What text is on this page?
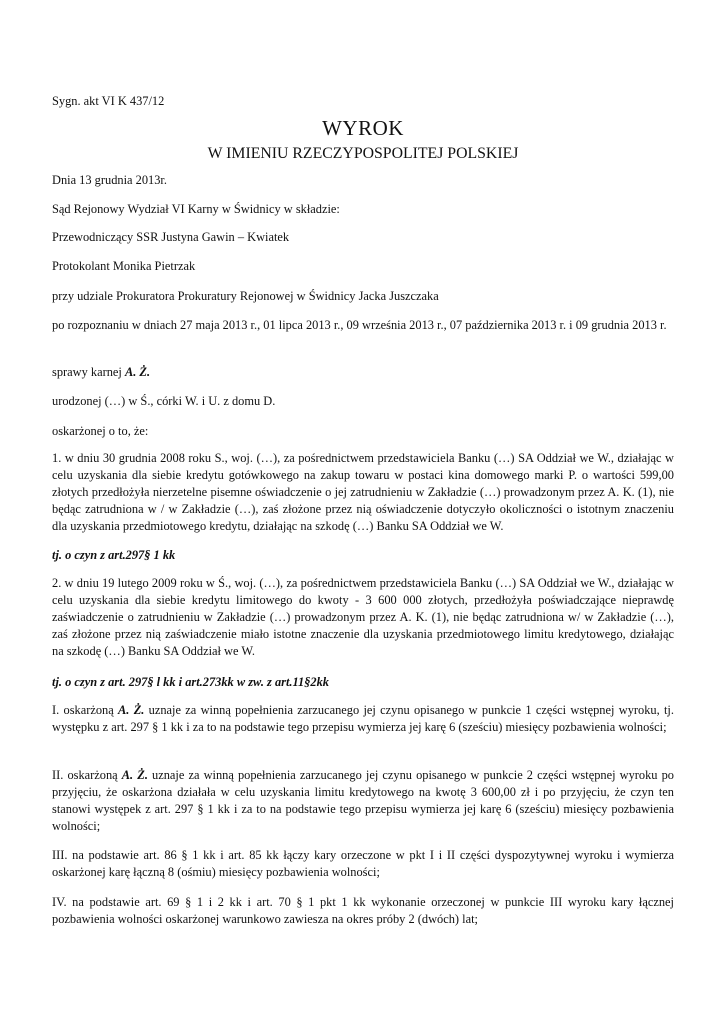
Sygn. akt VI K 437/12

WYROK
W IMIENIU RZECZYPOSPOLITEJ POLSKIEJ

Dnia 13 grudnia 2013r.

Sąd Rejonowy Wydział VI Karny w Świdnicy w składzie:

Przewodniczący SSR Justyna Gawin – Kwiatek

Protokolant Monika Pietrzak

przy udziale Prokuratora Prokuratury Rejonowej w Świdnicy Jacka Juszczaka

po rozpoznaniu w dniach 27 maja 2013 r., 01 lipca 2013 r., 09 września 2013 r., 07 października 2013 r. i 09 grudnia 2013 r.

sprawy karnej A. Ż.

urodzonej (…) w Ś., córki W. i U. z domu D.

oskarżonej o to, że:

1. w dniu 30 grudnia 2008 roku S., woj. (…), za pośrednictwem przedstawiciela Banku (…) SA Oddział we W., działając w celu uzyskania dla siebie kredytu gotówkowego na zakup towaru w postaci kina domowego marki P. o wartości 599,00 złotych przedłożyła nierzetelne pisemne oświadczenie o jej zatrudnieniu w Zakładzie (…) prowadzonym przez A. K. (1), nie będąc zatrudniona w / w Zakładzie (…), zaś złożone przez nią oświadczenie dotyczyło okoliczności o istotnym znaczeniu dla uzyskania przedmiotowego kredytu, działając na szkodę (…) Banku SA Oddział we W.

tj. o czyn z art.297§ 1 kk

2. w dniu 19 lutego 2009 roku w Ś., woj. (…), za pośrednictwem przedstawiciela Banku (…) SA Oddział we W., działając w celu uzyskania dla siebie kredytu limitowego do kwoty - 3 600 000 złotych, przedłożyła poświadczające nieprawdę zaświadczenie o zatrudnieniu w Zakładzie (…) prowadzonym przez A. K. (1), nie będąc zatrudniona w/ w Zakładzie (…), zaś złożone przez nią zaświadczenie miało istotne znaczenie dla uzyskania przedmiotowego limitu kredytowego, działając na szkodę (…) Banku SA Oddział we W.

tj. o czyn z art. 297§ l kk i art.273kk w zw. z art.11§2kk

I. oskarżoną A. Ż. uznaje za winną popełnienia zarzucanego jej czynu opisanego w punkcie 1 części wstępnej wyroku, tj. występku z art. 297 § 1 kk i za to na podstawie tego przepisu wymierza jej karę 6 (sześciu) miesięcy pozbawienia wolności;

II. oskarżoną A. Ż. uznaje za winną popełnienia zarzucanego jej czynu opisanego w punkcie 2 części wstępnej wyroku po przyjęciu, że oskarżona działała w celu uzyskania limitu kredytowego na kwotę 3 600,00 zł i po przyjęciu, że czyn ten stanowi występek z art. 297 § 1 kk i za to na podstawie tego przepisu wymierza jej karę 6 (sześciu) miesięcy pozbawienia wolności;

III. na podstawie art. 86 § 1 kk i art. 85 kk łączy kary orzeczone w pkt I i II części dyspozytywnej wyroku i wymierza oskarżonej karę łączną 8 (ośmiu) miesięcy pozbawienia wolności;

IV. na podstawie art. 69 § 1 i 2 kk i art. 70 § 1 pkt 1 kk wykonanie orzeczonej w punkcie III wyroku kary łącznej pozbawienia wolności oskarżonej warunkowo zawiesza na okres próby 2 (dwóch) lat;
